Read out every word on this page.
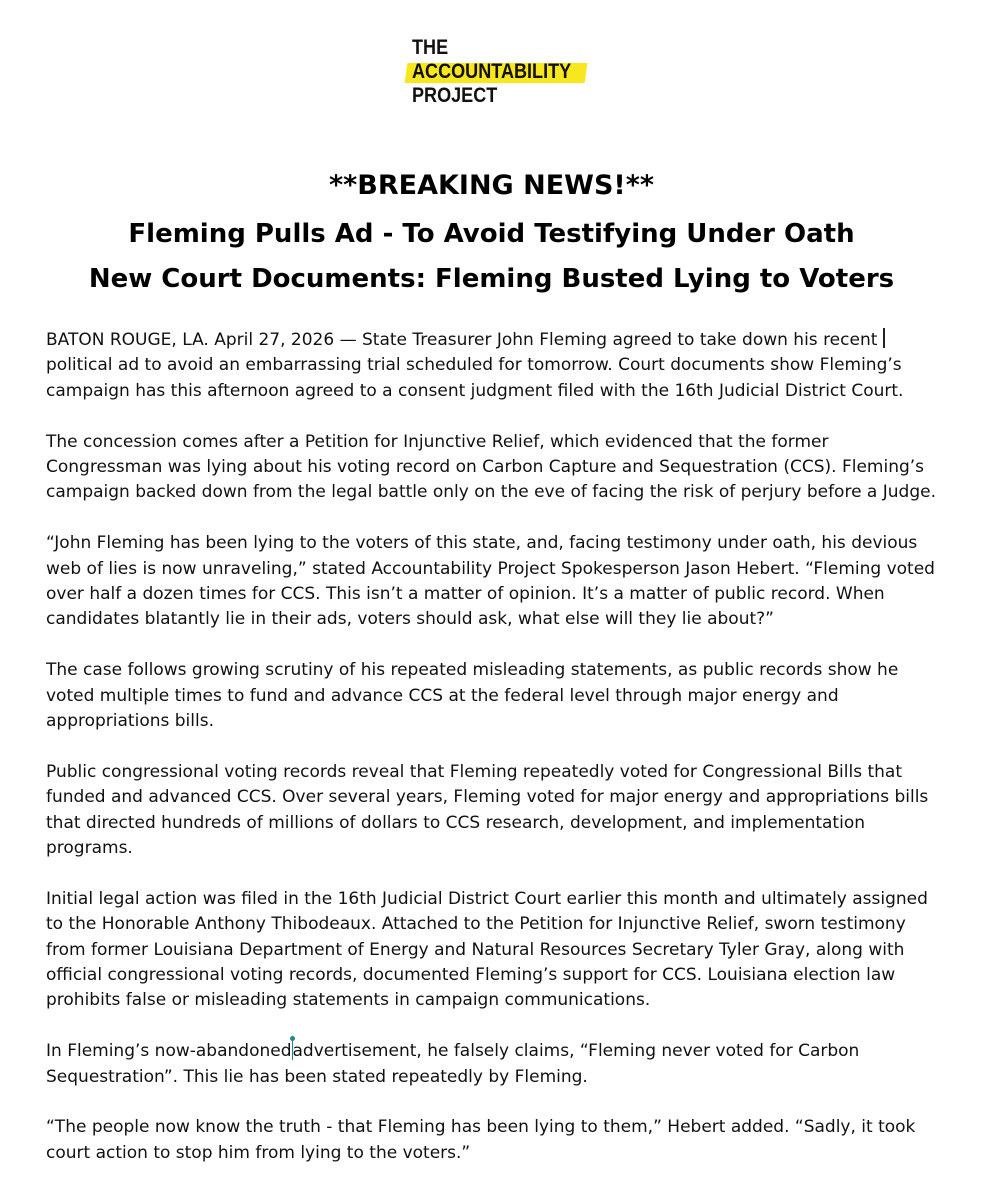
THE
ACCOUNTABILITY
PROJECT
**BREAKING NEWS!**
Fleming Pulls Ad - To Avoid Testifying Under Oath
New Court Documents: Fleming Busted Lying to Voters

BATON ROUGE, LA. April 27, 2026 — State Treasurer John Fleming agreed to take down his recent
political ad to avoid an embarrassing trial scheduled for tomorrow. Court documents show Fleming’s
campaign has this afternoon agreed to a consent judgment filed with the 16th Judicial District Court.

The concession comes after a Petition for Injunctive Relief, which evidenced that the former
Congressman was lying about his voting record on Carbon Capture and Sequestration (CCS). Fleming’s
campaign backed down from the legal battle only on the eve of facing the risk of perjury before a Judge.

“John Fleming has been lying to the voters of this state, and, facing testimony under oath, his devious
web of lies is now unraveling,” stated Accountability Project Spokesperson Jason Hebert. “Fleming voted
over half a dozen times for CCS. This isn’t a matter of opinion. It’s a matter of public record. When
candidates blatantly lie in their ads, voters should ask, what else will they lie about?”

The case follows growing scrutiny of his repeated misleading statements, as public records show he
voted multiple times to fund and advance CCS at the federal level through major energy and
appropriations bills.

Public congressional voting records reveal that Fleming repeatedly voted for Congressional Bills that
funded and advanced CCS. Over several years, Fleming voted for major energy and appropriations bills
that directed hundreds of millions of dollars to CCS research, development, and implementation
programs.

Initial legal action was filed in the 16th Judicial District Court earlier this month and ultimately assigned
to the Honorable Anthony Thibodeaux. Attached to the Petition for Injunctive Relief, sworn testimony
from former Louisiana Department of Energy and Natural Resources Secretary Tyler Gray, along with
official congressional voting records, documented Fleming’s support for CCS. Louisiana election law
prohibits false or misleading statements in campaign communications.

In Fleming’s now-abandonedadvertisement, he falsely claims, “Fleming never voted for Carbon
Sequestration”. This lie has been stated repeatedly by Fleming.

“The people now know the truth - that Fleming has been lying to them,” Hebert added. “Sadly, it took
court action to stop him from lying to the voters.”
